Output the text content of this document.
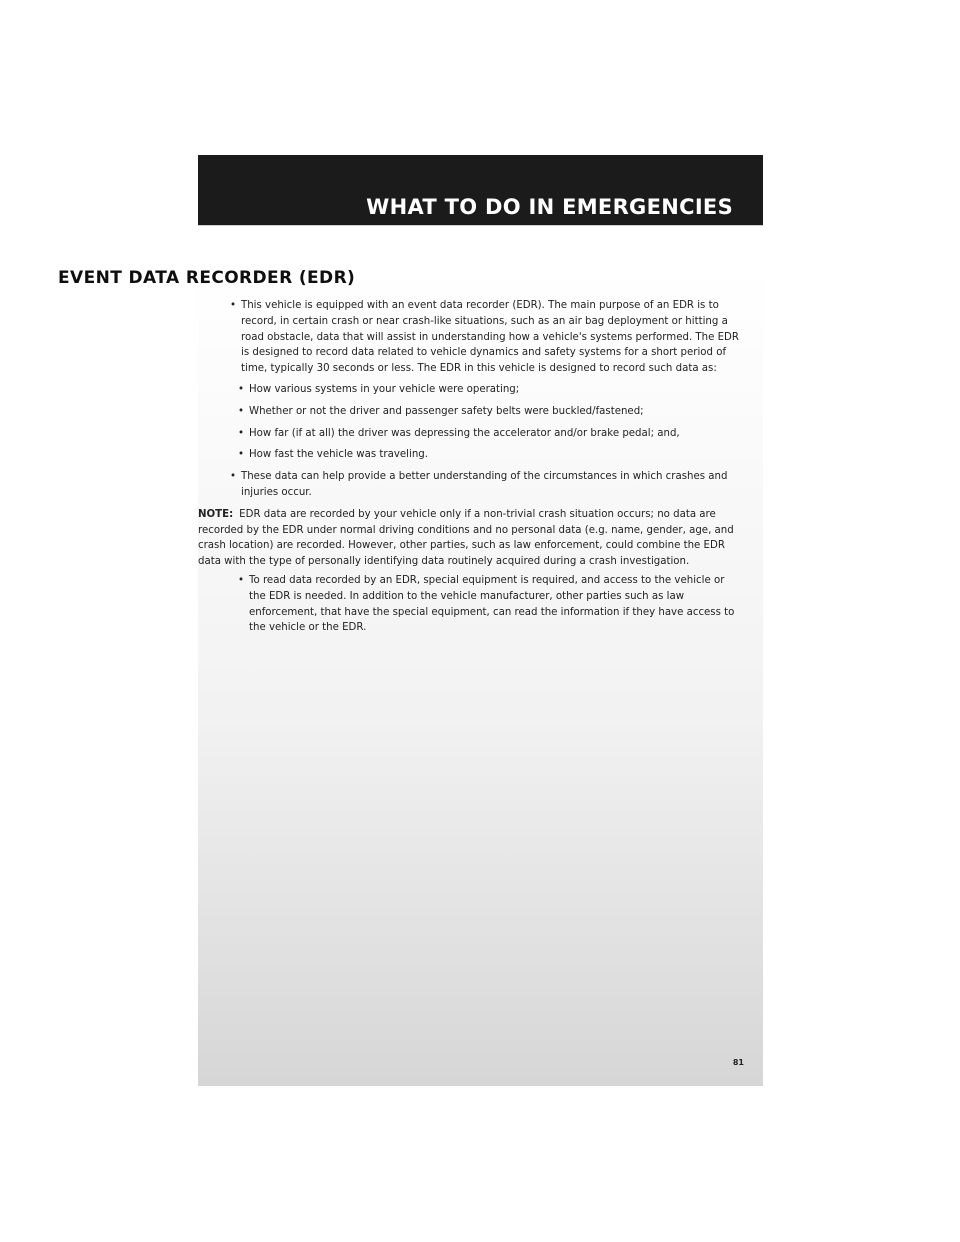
WHAT TO DO IN EMERGENCIES
81
EVENT DATA RECORDER (EDR)
• This vehicle is equipped with an event data recorder (EDR). The main purpose of an EDR is to record, in certain crash or near crash-like situations, such as an air bag deployment or hitting a road obstacle, data that will assist in understanding how a vehicle's systems performed. The EDR is designed to record data related to vehicle dynamics and safety systems for a short period of time, typically 30 seconds or less. The EDR in this vehicle is designed to record such data as:
• How various systems in your vehicle were operating;
• Whether or not the driver and passenger safety belts were buckled/fastened;
• How far (if at all) the driver was depressing the accelerator and/or brake pedal; and,
• How fast the vehicle was traveling.
• These data can help provide a better understanding of the circumstances in which crashes and injuries occur.
NOTE: EDR data are recorded by your vehicle only if a non-trivial crash situation occurs; no data are recorded by the EDR under normal driving conditions and no personal data (e.g. name, gender, age, and crash location) are recorded. However, other parties, such as law enforcement, could combine the EDR data with the type of personally identifying data routinely acquired during a crash investigation.
• To read data recorded by an EDR, special equipment is required, and access to the vehicle or the EDR is needed. In addition to the vehicle manufacturer, other parties such as law enforcement, that have the special equipment, can read the information if they have access to the vehicle or the EDR.
